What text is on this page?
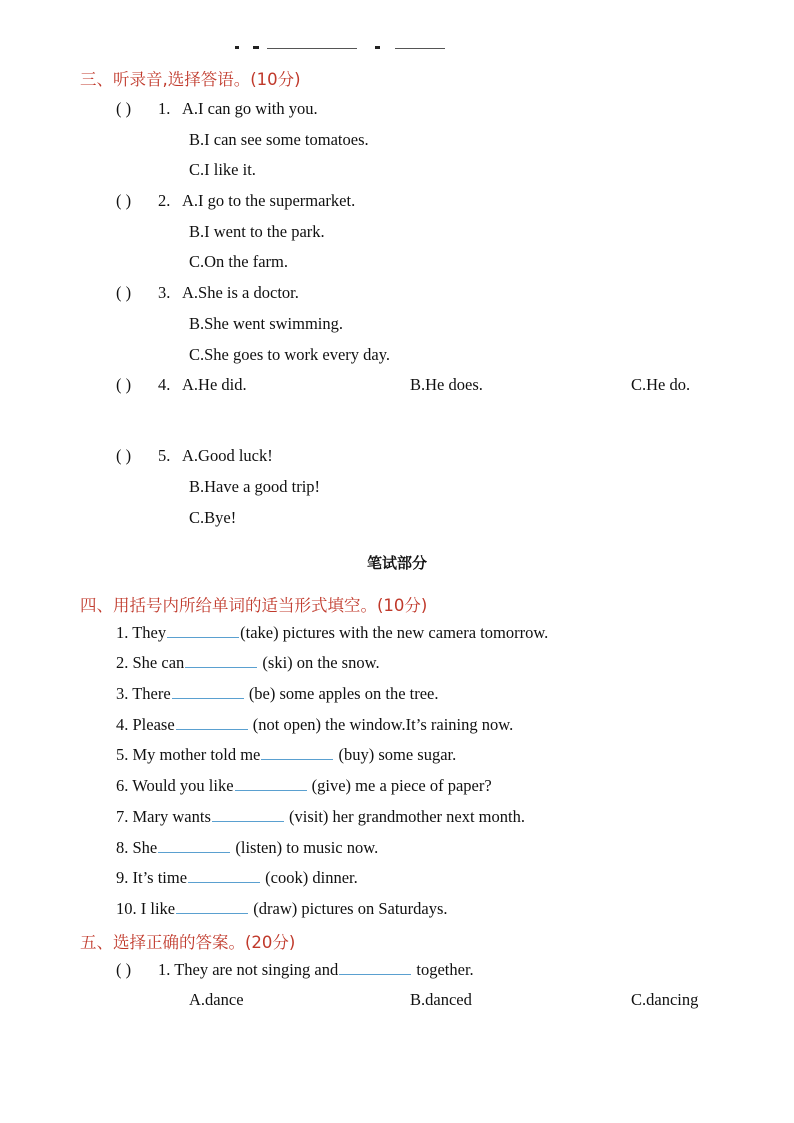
三、听录音,选择答语。(10分)
( ) 1. A.I can go with you.
B.I can see some tomatoes.
C.I like it.
( ) 2. A.I go to the supermarket.
B.I went to the park.
C.On the farm.
( ) 3. A.She is a doctor.
B.She went swimming.
C.She goes to work every day.
( ) 4. A.He did.	B.He does.	C.He do.
( ) 5. A.Good luck!
B.Have a good trip!
C.Bye!
笔试部分
四、用括号内所给单词的适当形式填空。(10分)
1. They	(take) pictures with the new camera tomorrow.
2. She can	(ski) on the snow.
3. There	(be) some apples on the tree.
4. Please	(not open) the window.It’s raining now.
5. My mother told me	(buy) some sugar.
6. Would you like	(give) me a piece of paper?
7. Mary wants	(visit) her grandmother next month.
8. She	(listen) to music now.
9. It’s time	(cook) dinner.
10. I like	(draw) pictures on Saturdays.
五、选择正确的答案。(20分)
( ) 1. They are not singing and	together.
A.dance	B.danced	C.dancing
